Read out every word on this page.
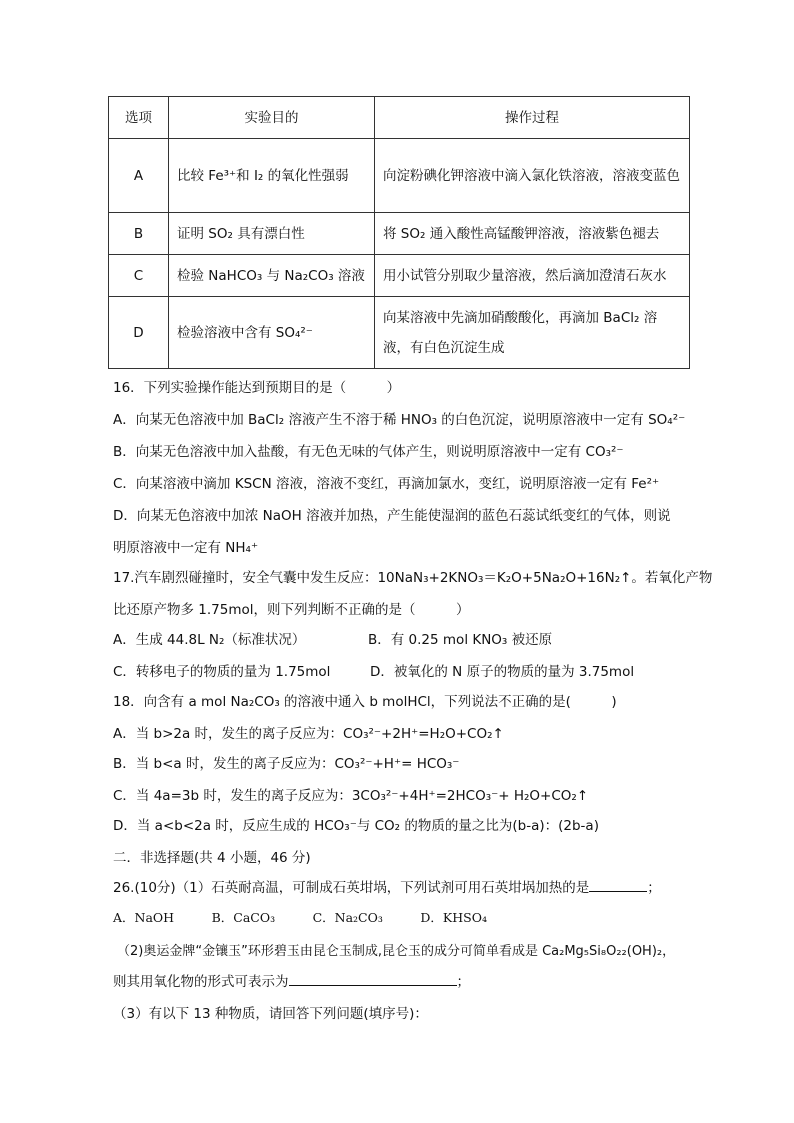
选项	实验目的	操作过程
A	比较 Fe³⁺和 I₂ 的氧化性强弱	向淀粉碘化钾溶液中滴入氯化铁溶液，溶液变蓝色
B	证明 SO₂ 具有漂白性	将 SO₂ 通入酸性高锰酸钾溶液，溶液紫色褪去
C	检验 NaHCO₃ 与 Na₂CO₃ 溶液	用小试管分别取少量溶液，然后滴加澄清石灰水
D	检验溶液中含有 SO₄²⁻	向某溶液中先滴加硝酸酸化，再滴加 BaCl₂ 溶液，有白色沉淀生成
16．下列实验操作能达到预期目的是（　　　）
A．向某无色溶液中加 BaCl₂ 溶液产生不溶于稀 HNO₃ 的白色沉淀，说明原溶液中一定有 SO₄²⁻
B．向某无色溶液中加入盐酸，有无色无味的气体产生，则说明原溶液中一定有 CO₃²⁻
C．向某溶液中滴加 KSCN 溶液，溶液不变红，再滴加氯水，变红，说明原溶液一定有 Fe²⁺
D．向某无色溶液中加浓 NaOH 溶液并加热，产生能使湿润的蓝色石蕊试纸变红的气体，则说
明原溶液中一定有 NH₄⁺
17.汽车剧烈碰撞时，安全气囊中发生反应：10NaN₃+2KNO₃＝K₂O+5Na₂O+16N₂↑。若氧化产物
比还原产物多 1.75mol，则下列判断不正确的是（　　　）
A．生成 44.8L N₂（标准状况）	B．有 0.25 mol KNO₃ 被还原
C．转移电子的物质的量为 1.75mol	D．被氧化的 N 原子的物质的量为 3.75mol
18．向含有 a mol Na₂CO₃ 的溶液中通入 b molHCl，下列说法不正确的是(　　　)
A．当 b>2a 时，发生的离子反应为：CO₃²⁻+2H⁺=H₂O+CO₂↑
B．当 b<a 时，发生的离子反应为：CO₃²⁻+H⁺= HCO₃⁻
C．当 4a=3b 时，发生的离子反应为：3CO₃²⁻+4H⁺=2HCO₃⁻+ H₂O+CO₂↑
D．当 a<b<2a 时，反应生成的 HCO₃⁻与 CO₂ 的物质的量之比为(b-a)：(2b-a)
二．非选择题(共 4 小题，46 分)
26.(10分)（1）石英耐高温，可制成石英坩埚，下列试剂可用石英坩埚加热的是	；
A．NaOH　　　B．CaCO₃　　　C．Na₂CO₃　　　D．KHSO₄
（2)奥运金牌“金镶玉”环形碧玉由昆仑玉制成,昆仑玉的成分可简单看成是 Ca₂Mg₅Si₈O₂₂(OH)₂，
则其用氧化物的形式可表示为	；
（3）有以下 13 种物质，请回答下列问题(填序号)：
